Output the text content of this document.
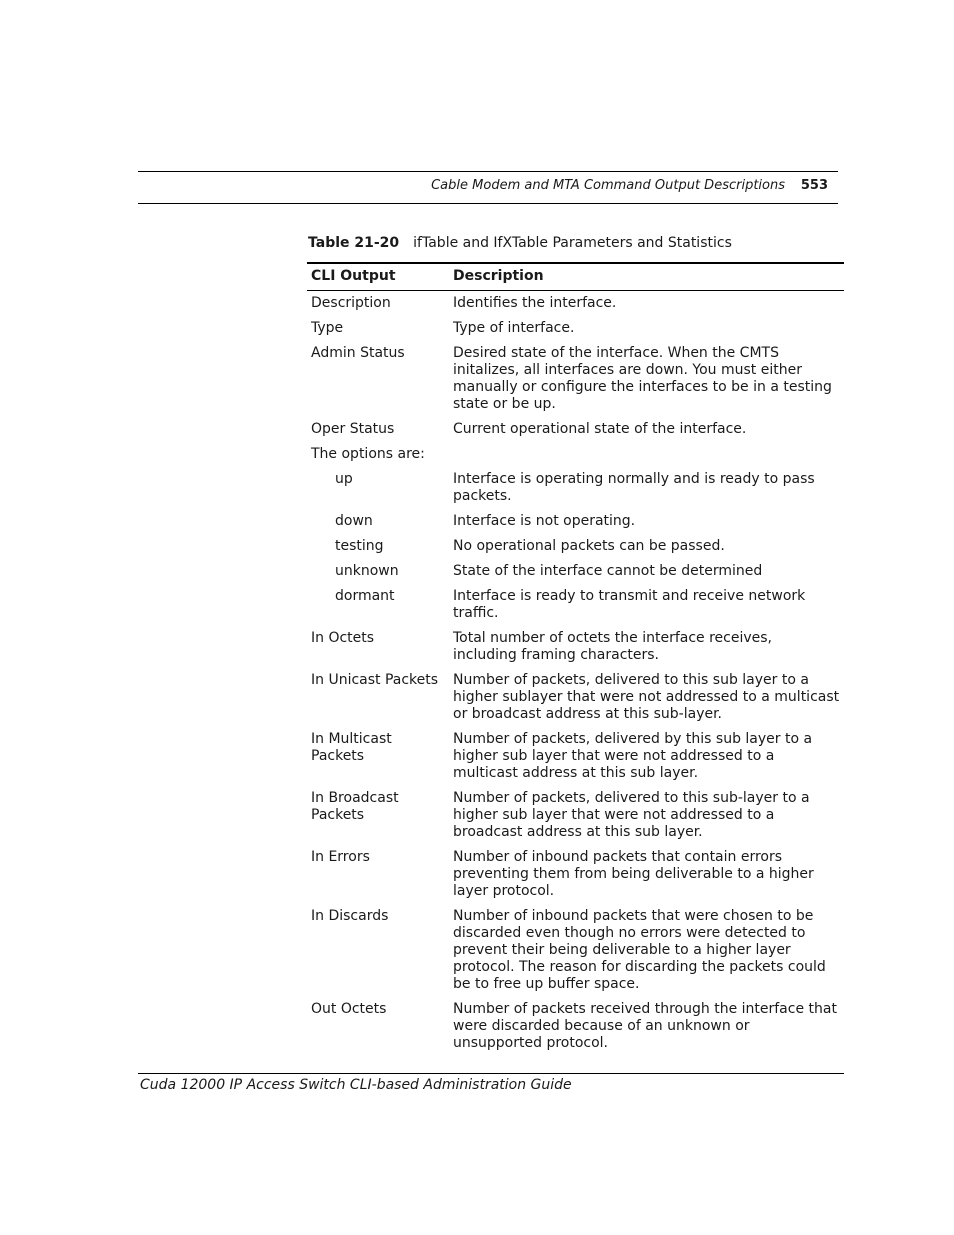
Cable Modem and MTA Command Output Descriptions 553
Table 21-20 ifTable and IfXTable Parameters and Statistics
CLI Output	Description
Description	Identifies the interface.
Type	Type of interface.
Admin Status	Desired state of the interface. When the CMTS initalizes, all interfaces are down. You must either manually or configure the interfaces to be in a testing state or be up.
Oper Status	Current operational state of the interface.
The options are:	
up	Interface is operating normally and is ready to pass packets.
down	Interface is not operating.
testing	No operational packets can be passed.
unknown	State of the interface cannot be determined
dormant	Interface is ready to transmit and receive network traffic.
In Octets	Total number of octets the interface receives, including framing characters.
In Unicast Packets	Number of packets, delivered to this sub layer to a higher sublayer that were not addressed to a multicast or broadcast address at this sub-layer.
In Multicast Packets	Number of packets, delivered by this sub layer to a higher sub layer that were not addressed to a multicast address at this sub layer.
In Broadcast Packets	Number of packets, delivered to this sub-layer to a higher sub layer that were not addressed to a broadcast address at this sub layer.
In Errors	Number of inbound packets that contain errors preventing them from being deliverable to a higher layer protocol.
In Discards	Number of inbound packets that were chosen to be discarded even though no errors were detected to prevent their being deliverable to a higher layer protocol. The reason for discarding the packets could be to free up buffer space.
Out Octets	Number of packets received through the interface that were discarded because of an unknown or unsupported protocol.
Cuda 12000 IP Access Switch CLI-based Administration Guide
